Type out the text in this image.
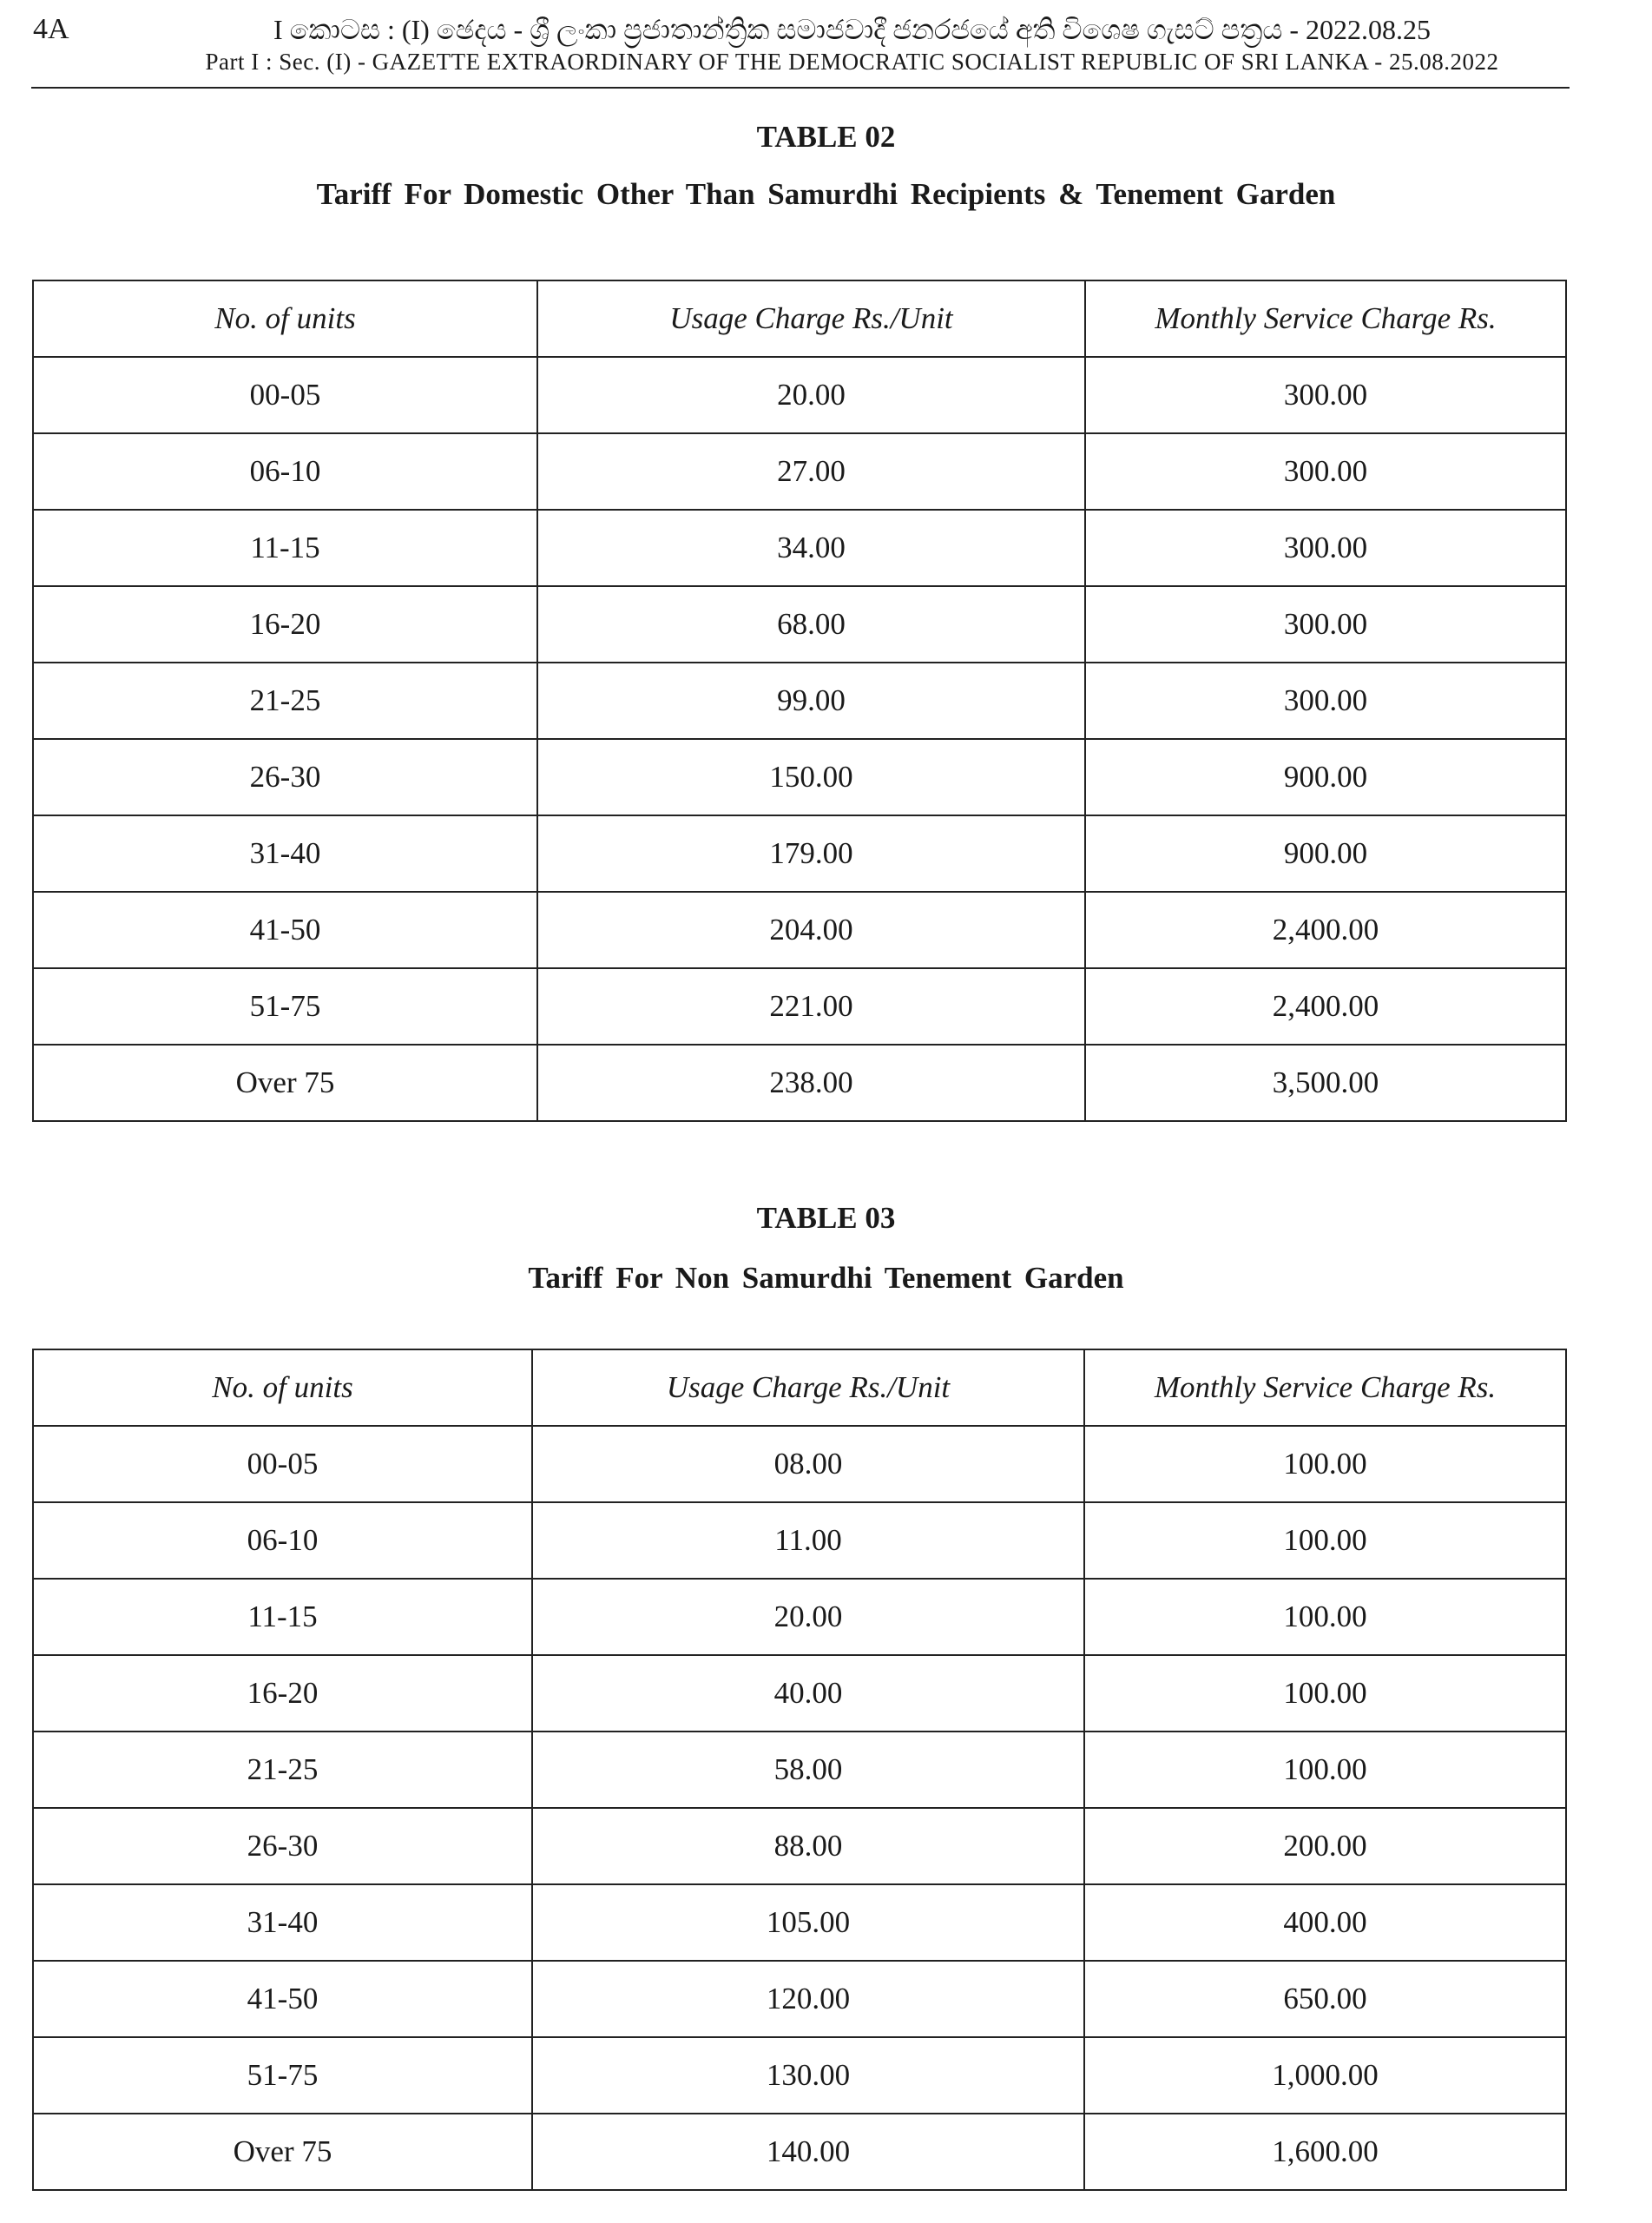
4A	I කොටස : (I) ඡෙදය - ශ්‍රී ලංකා ප්‍රජාතාන්ත්‍රික සමාජවාදී ජනරජයේ අති විශෙෂ ගැසට් පත්‍රය - 2022.08.25
Part I : Sec. (I) - GAZETTE EXTRAORDINARY OF THE DEMOCRATIC SOCIALIST REPUBLIC OF SRI LANKA - 25.08.2022
TABLE 02
Tariff For Domestic Other Than Samurdhi Recipients & Tenement Garden
No. of units	Usage Charge Rs./Unit	Monthly Service Charge Rs.
00-05	20.00	300.00
06-10	27.00	300.00
11-15	34.00	300.00
16-20	68.00	300.00
21-25	99.00	300.00
26-30	150.00	900.00
31-40	179.00	900.00
41-50	204.00	2,400.00
51-75	221.00	2,400.00
Over 75	238.00	3,500.00
TABLE 03
Tariff For Non Samurdhi Tenement Garden
No. of units	Usage Charge Rs./Unit	Monthly Service Charge Rs.
00-05	08.00	100.00
06-10	11.00	100.00
11-15	20.00	100.00
16-20	40.00	100.00
21-25	58.00	100.00
26-30	88.00	200.00
31-40	105.00	400.00
41-50	120.00	650.00
51-75	130.00	1,000.00
Over 75	140.00	1,600.00
